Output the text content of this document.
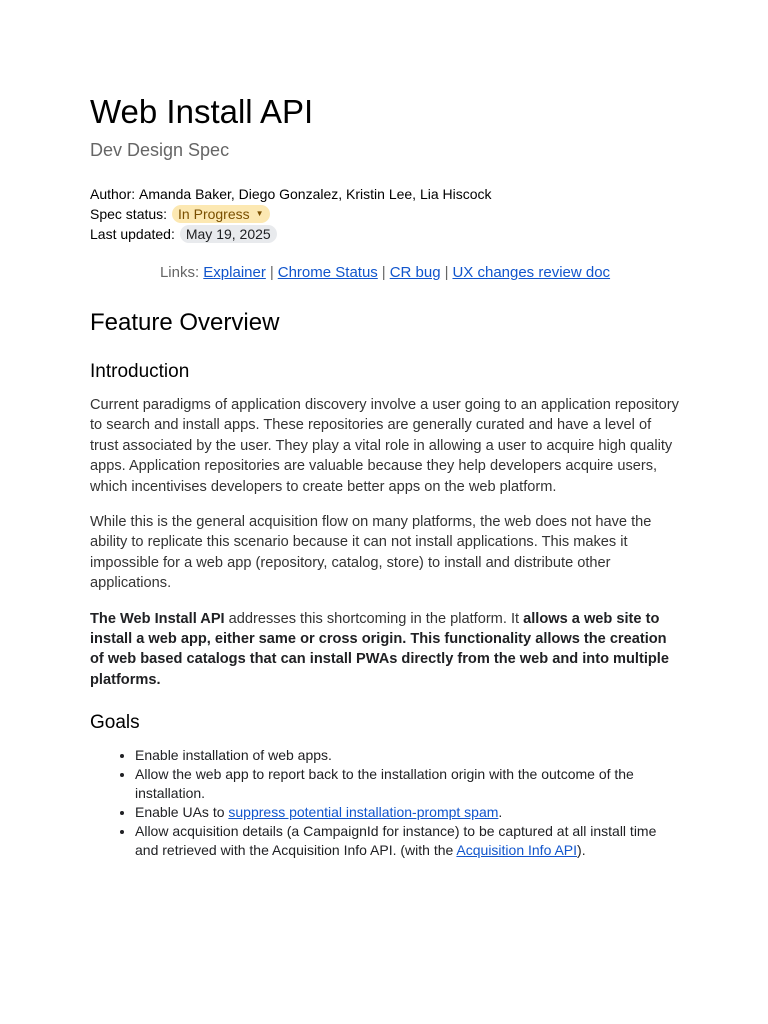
Web Install API
Dev Design Spec
Author:
Amanda Baker, Diego Gonzalez, Kristin Lee, Lia Hiscock
Spec status: In Progress ▼
Last updated: May 19, 2025
Links: Explainer | Chrome Status | CR bug | UX changes review doc
Feature Overview
Introduction

Current paradigms of application discovery involve a user going to an application repository to search and install apps. These repositories are generally curated and have a level of trust associated by the user. They play a vital role in allowing a user to acquire high quality apps. Application repositories are valuable because they help developers acquire users, which incentivises developers to create better apps on the web platform.

While this is the general acquisition flow on many platforms, the web does not have the ability to replicate this scenario because it can not install applications. This makes it impossible for a web app (repository, catalog, store) to install and distribute other applications.

The Web Install API addresses this shortcoming in the platform. It allows a web site to install a web app, either same or cross origin. This functionality allows the creation of web based catalogs that can install PWAs directly from the web and into multiple platforms.

Goals
• Enable installation of web apps.
• Allow the web app to report back to the installation origin with the outcome of the installation.
• Enable UAs to suppress potential installation-prompt spam.
• Allow acquisition details (a CampaignId for instance) to be captured at all install time and retrieved with the Acquisition Info API. (with the Acquisition Info API).
